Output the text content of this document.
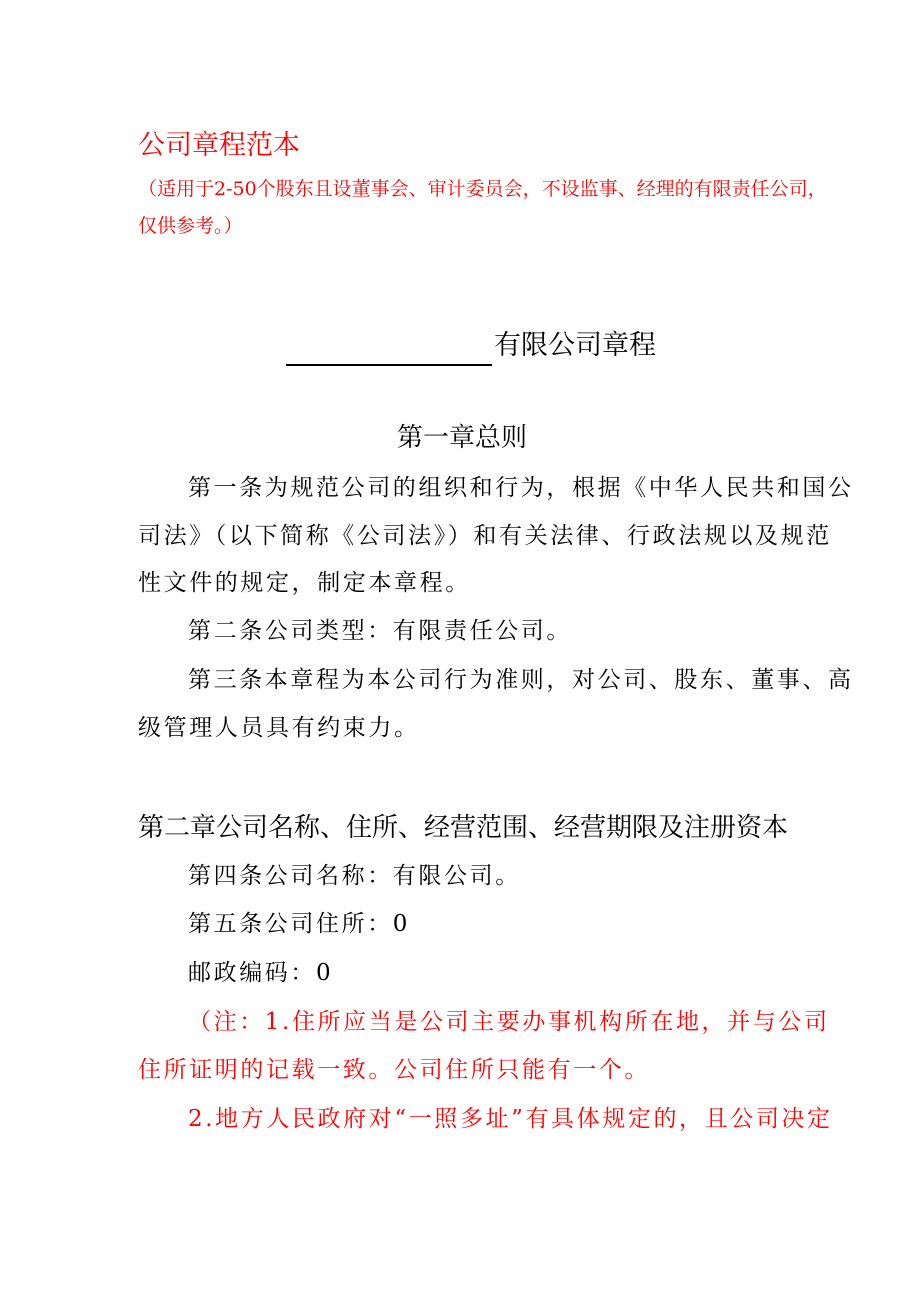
公司章程范本
（适用于2-50个股东且设董事会、审计委员会，不设监事、经理的有限责任公司，
仅供参考。）
有限公司章程
第一章总则
第一条为规范公司的组织和行为，根据《中华人民共和国公
司法》（以下简称《公司法》）和有关法律、行政法规以及规范
性文件的规定，制定本章程。
第二条公司类型：有限责任公司。
第三条本章程为本公司行为准则，对公司、股东、董事、高
级管理人员具有约束力。
第二章公司名称、住所、经营范围、经营期限及注册资本
第四条公司名称：有限公司。
第五条公司住所：0
邮政编码：0
（注：1.住所应当是公司主要办事机构所在地，并与公司
住所证明的记载一致。公司住所只能有一个。
2.地方人民政府对“一照多址”有具体规定的，且公司决定
